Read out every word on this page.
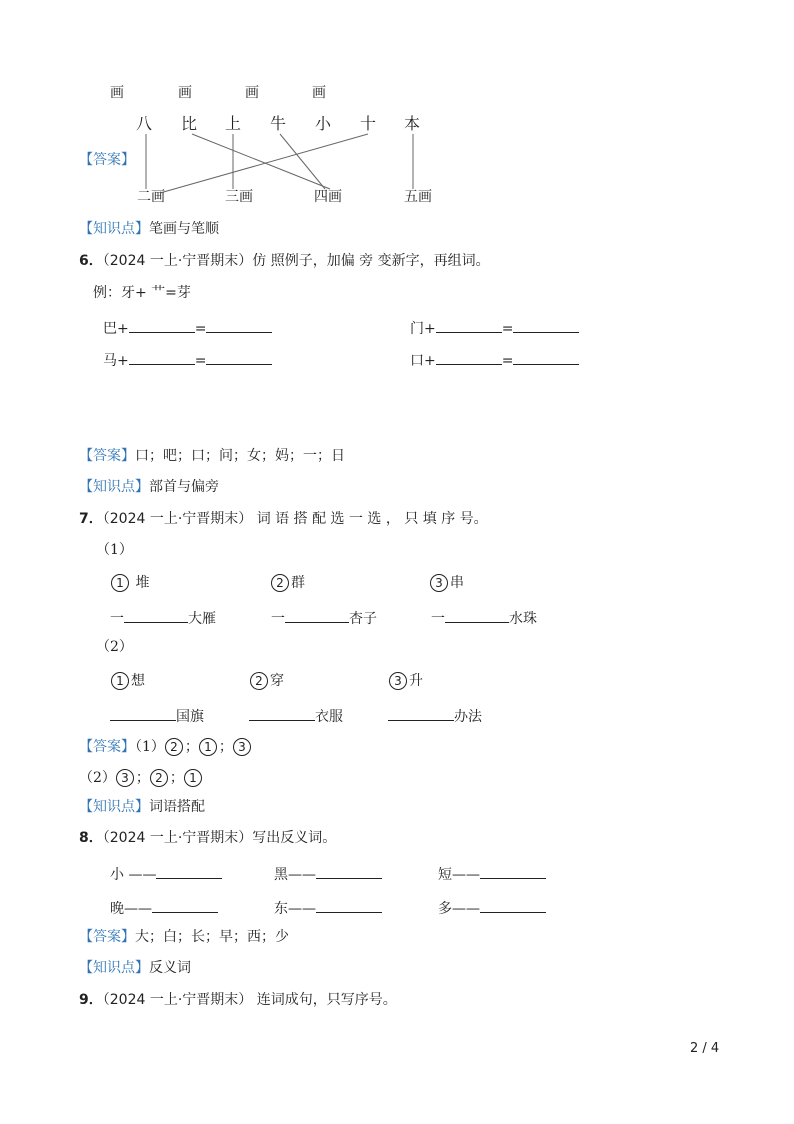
画	画	画	画
八 比 上 牛 小 十 本
【答案】
二画	三画	四画	五画
【知识点】笔画与笔顺
6．（2024 一上·宁晋期末）仿 照例子，加偏 旁 变新字，再组词。
例：牙+ 艹=芽
巴+	=	门+	=
马+	=	口+	=
【答案】口；吧；口；问；女；妈；一；日
【知识点】部首与偏旁
7．（2024 一上·宁晋期末） 词 语 搭 配 选 一 选 ， 只 填 序 号。
（1）
1 堆	2 群	3 串
一	大雁	一	杏子	一	水珠
（2）
1 想	2 穿	3 升
国旗	衣服	办法
【答案】（1） 2 ； 1 ； 3
（2） 3 ； 2 ； 1
【知识点】词语搭配
8．（2024 一上·宁晋期末）写出反义词。
小 ——	黑——	短——
晚——	东——	多——
【答案】大；白；长；早；西；少
【知识点】反义词
9．（2024 一上·宁晋期末） 连词成句，只写序号。
2 / 4
